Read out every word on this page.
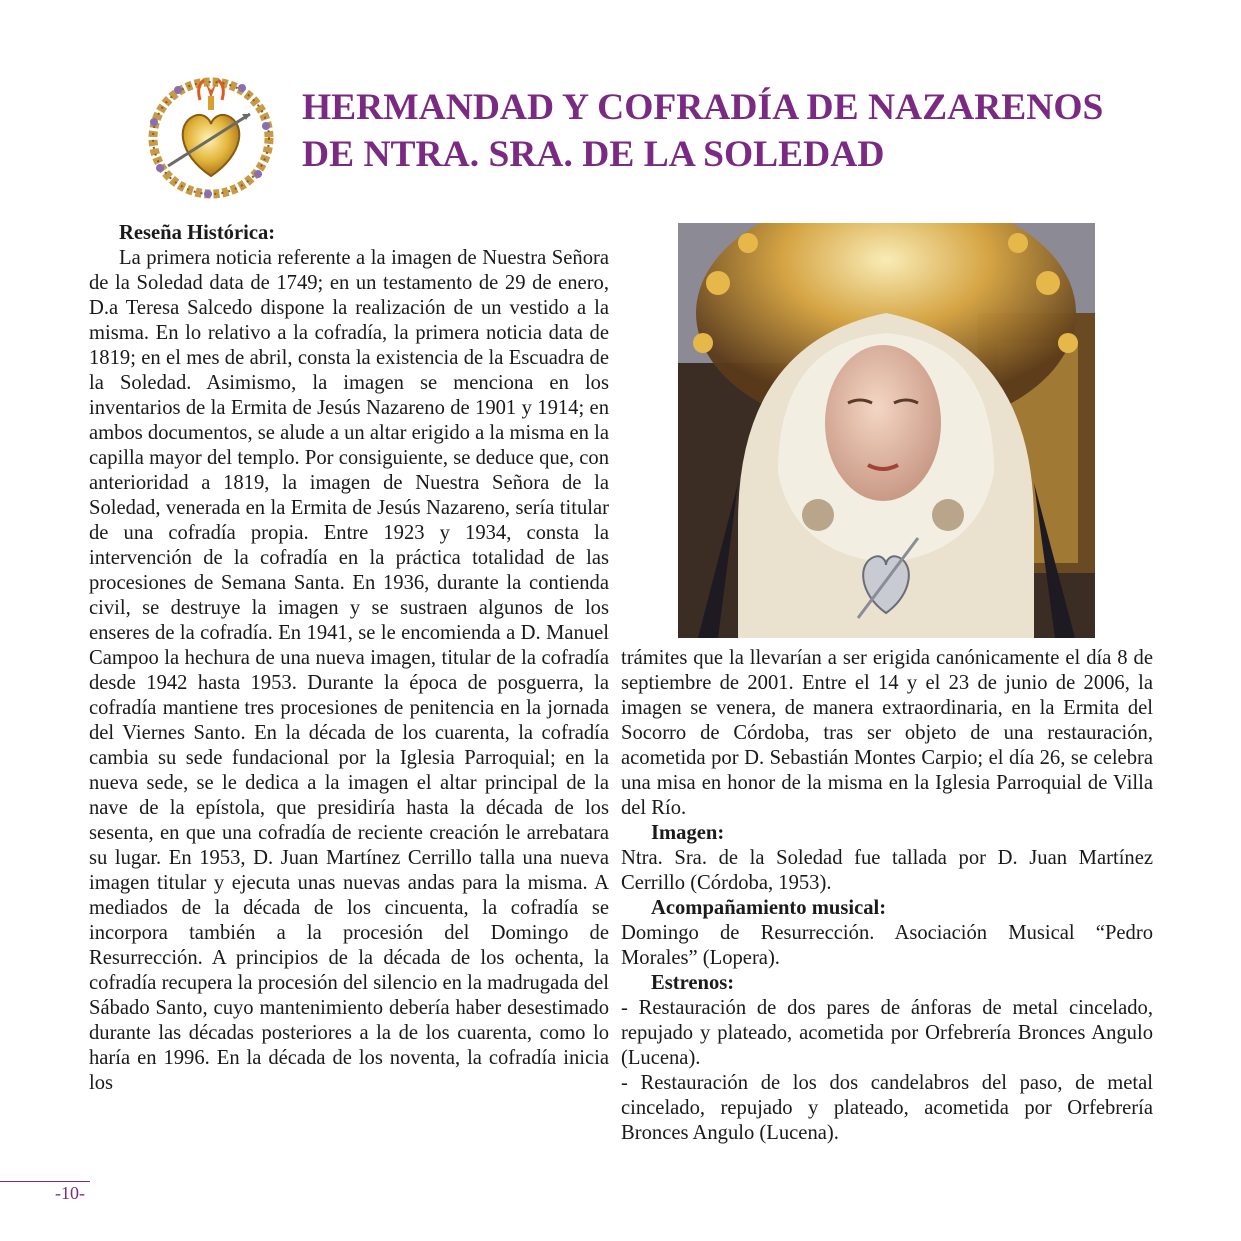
HERMANDAD Y COFRADÍA DE NAZARENOS
DE NTRA. SRA. DE LA SOLEDAD

Reseña Histórica:

La primera noticia referente a la imagen de Nuestra Señora de la Soledad data de 1749; en un testamento de 29 de enero, D.a Teresa Salcedo dispone la realización de un vestido a la misma. En lo relativo a la cofradía, la primera noticia data de 1819; en el mes de abril, consta la existencia de la Escuadra de la Soledad. Asimismo, la imagen se menciona en los inventarios de la Ermita de Jesús Nazareno de 1901 y 1914; en ambos documentos, se alude a un altar erigido a la misma en la capilla mayor del templo. Por consiguiente, se deduce que, con anterioridad a 1819, la imagen de Nuestra Señora de la Soledad, venerada en la Ermita de Jesús Nazareno, sería titular de una cofradía propia. Entre 1923 y 1934, consta la intervención de la cofradía en la práctica totalidad de las procesiones de Semana Santa. En 1936, durante la contienda civil, se destruye la imagen y se sustraen algunos de los enseres de la cofradía. En 1941, se le encomienda a D. Manuel Campoo la hechura de una nueva imagen, titular de la cofradía desde 1942 hasta 1953. Durante la época de posguerra, la cofradía mantiene tres procesiones de penitencia en la jornada del Viernes Santo. En la década de los cuarenta, la cofradía cambia su sede fundacional por la Iglesia Parroquial; en la nueva sede, se le dedica a la imagen el altar principal de la nave de la epístola, que presidiría hasta la década de los sesenta, en que una cofradía de reciente creación le arrebatara su lugar. En 1953, D. Juan Martínez Cerrillo talla una nueva imagen titular y ejecuta unas nuevas andas para la misma. A mediados de la década de los cincuenta, la cofradía se incorpora también a la procesión del Domingo de Resurrección. A principios de la década de los ochenta, la cofradía recupera la procesión del silencio en la madrugada del Sábado Santo, cuyo mantenimiento debería haber desestimado durante las décadas posteriores a la de los cuarenta, como lo haría en 1996. En la década de los noventa, la cofradía inicia los

trámites que la llevarían a ser erigida canónicamente el día 8 de septiembre de 2001. Entre el 14 y el 23 de junio de 2006, la imagen se venera, de manera extraordinaria, en la Ermita del Socorro de Córdoba, tras ser objeto de una restauración, acometida por D. Sebastián Montes Carpio; el día 26, se celebra una misa en honor de la misma en la Iglesia Parroquial de Villa del Río.

Imagen:

Ntra. Sra. de la Soledad fue tallada por D. Juan Martínez Cerrillo (Córdoba, 1953).

Acompañamiento musical:

Domingo de Resurrección. Asociación Musical “Pedro Morales” (Lopera).

Estrenos:

- Restauración de dos pares de ánforas de metal cincelado, repujado y plateado, acometida por Orfebrería Bronces Angulo (Lucena).

- Restauración de los dos candelabros del paso, de metal cincelado, repujado y plateado, acometida por Orfebrería Bronces Angulo (Lucena).

-10-
